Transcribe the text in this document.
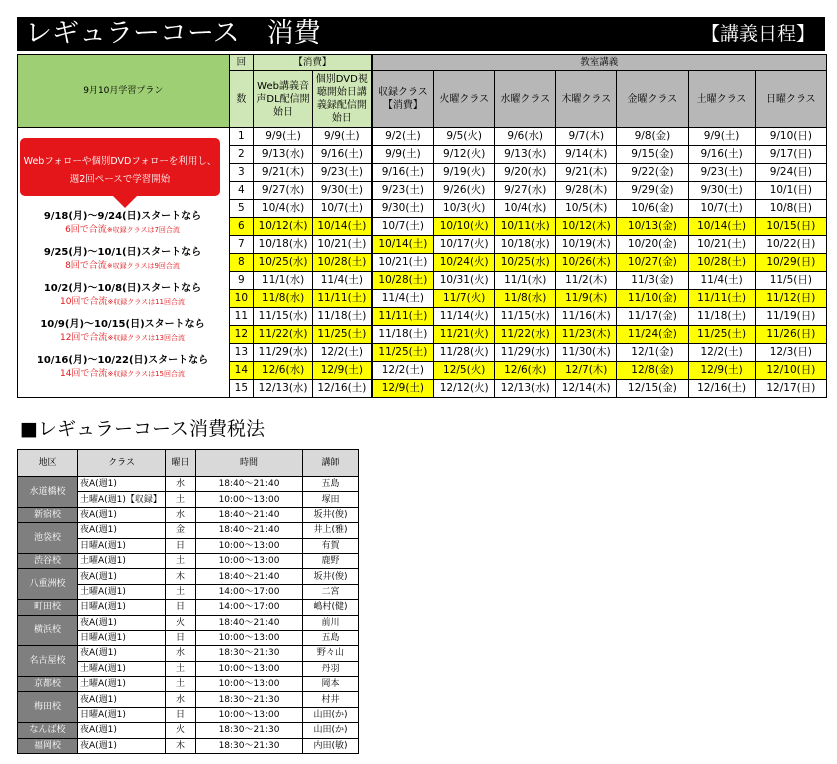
レギュラーコース　消費	【講義日程】
9月10月学習プラン	回	【消費】		教室講義						
	数	Web講義音声DL配信開始日	個別DVD視聴開始日講義録配信開始日	収録クラス【消費】	火曜クラス	水曜クラス	木曜クラス	金曜クラス	土曜クラス	日曜クラス
	1	9/9(土)	9/9(土)	9/2(土)	9/5(火)	9/6(水)	9/7(木)	9/8(金)	9/9(土)	9/10(日)
	2	9/13(水)	9/16(土)	9/9(土)	9/12(火)	9/13(水)	9/14(木)	9/15(金)	9/16(土)	9/17(日)
	3	9/21(木)	9/23(土)	9/16(土)	9/19(火)	9/20(水)	9/21(木)	9/22(金)	9/23(土)	9/24(日)
	4	9/27(水)	9/30(土)	9/23(土)	9/26(火)	9/27(水)	9/28(木)	9/29(金)	9/30(土)	10/1(日)
	5	10/4(水)	10/7(土)	9/30(土)	10/3(火)	10/4(水)	10/5(木)	10/6(金)	10/7(土)	10/8(日)
	6	10/12(木)	10/14(土)	10/7(土)	10/10(火)	10/11(水)	10/12(木)	10/13(金)	10/14(土)	10/15(日)
	7	10/18(水)	10/21(土)	10/14(土)	10/17(火)	10/18(水)	10/19(木)	10/20(金)	10/21(土)	10/22(日)
	8	10/25(水)	10/28(土)	10/21(土)	10/24(火)	10/25(水)	10/26(木)	10/27(金)	10/28(土)	10/29(日)
	9	11/1(水)	11/4(土)	10/28(土)	10/31(火)	11/1(水)	11/2(木)	11/3(金)	11/4(土)	11/5(日)
	10	11/8(水)	11/11(土)	11/4(土)	11/7(火)	11/8(水)	11/9(木)	11/10(金)	11/11(土)	11/12(日)
	11	11/15(水)	11/18(土)	11/11(土)	11/14(火)	11/15(水)	11/16(木)	11/17(金)	11/18(土)	11/19(日)
	12	11/22(水)	11/25(土)	11/18(土)	11/21(火)	11/22(水)	11/23(木)	11/24(金)	11/25(土)	11/26(日)
	13	11/29(水)	12/2(土)	11/25(土)	11/28(火)	11/29(水)	11/30(木)	12/1(金)	12/2(土)	12/3(日)
	14	12/6(水)	12/9(土)	12/2(土)	12/5(火)	12/6(水)	12/7(木)	12/8(金)	12/9(土)	12/10(日)
	15	12/13(水)	12/16(土)	12/9(土)	12/12(火)	12/13(水)	12/14(木)	12/15(金)	12/16(土)	12/17(日)
Webフォローや個別DVDフォローを利用し、
週2回ペースで学習開始
9/18(月)～9/24(日)スタートなら
6回で合流※収録クラスは7回合流
9/25(月)～10/1(日)スタートなら
8回で合流※収録クラスは9回合流
10/2(月)～10/8(日)スタートなら
10回で合流※収録クラスは11回合流
10/9(月)～10/15(日)スタートなら
12回で合流※収録クラスは13回合流
10/16(月)～10/22(日)スタートなら
14回で合流※収録クラスは15回合流
■レギュラーコース消費税法
地区	クラス	曜日	時間	講師
水道橋校	夜A(週1)	水	18:40～21:40	五島
	土曜A(週1)【収録】	土	10:00～13:00	塚田
新宿校	夜A(週1)	水	18:40～21:40	坂井(俊)
池袋校	夜A(週1)	金	18:40～21:40	井上(雅)
	日曜A(週1)	日	10:00～13:00	有賀
渋谷校	土曜A(週1)	土	10:00～13:00	鹿野
八重洲校	夜A(週1)	木	18:40～21:40	坂井(俊)
	土曜A(週1)	土	14:00～17:00	二宮
町田校	日曜A(週1)	日	14:00～17:00	嶋村(健)
横浜校	夜A(週1)	火	18:40～21:40	前川
	日曜A(週1)	日	10:00～13:00	五島
名古屋校	夜A(週1)	水	18:30～21:30	野々山
	土曜A(週1)	土	10:00～13:00	丹羽
京都校	土曜A(週1)	土	10:00～13:00	岡本
梅田校	夜A(週1)	水	18:30～21:30	村井
	日曜A(週1)	日	10:00～13:00	山田(か)
なんば校	夜A(週1)	火	18:30～21:30	山田(か)
福岡校	夜A(週1)	木	18:30～21:30	内田(敏)
